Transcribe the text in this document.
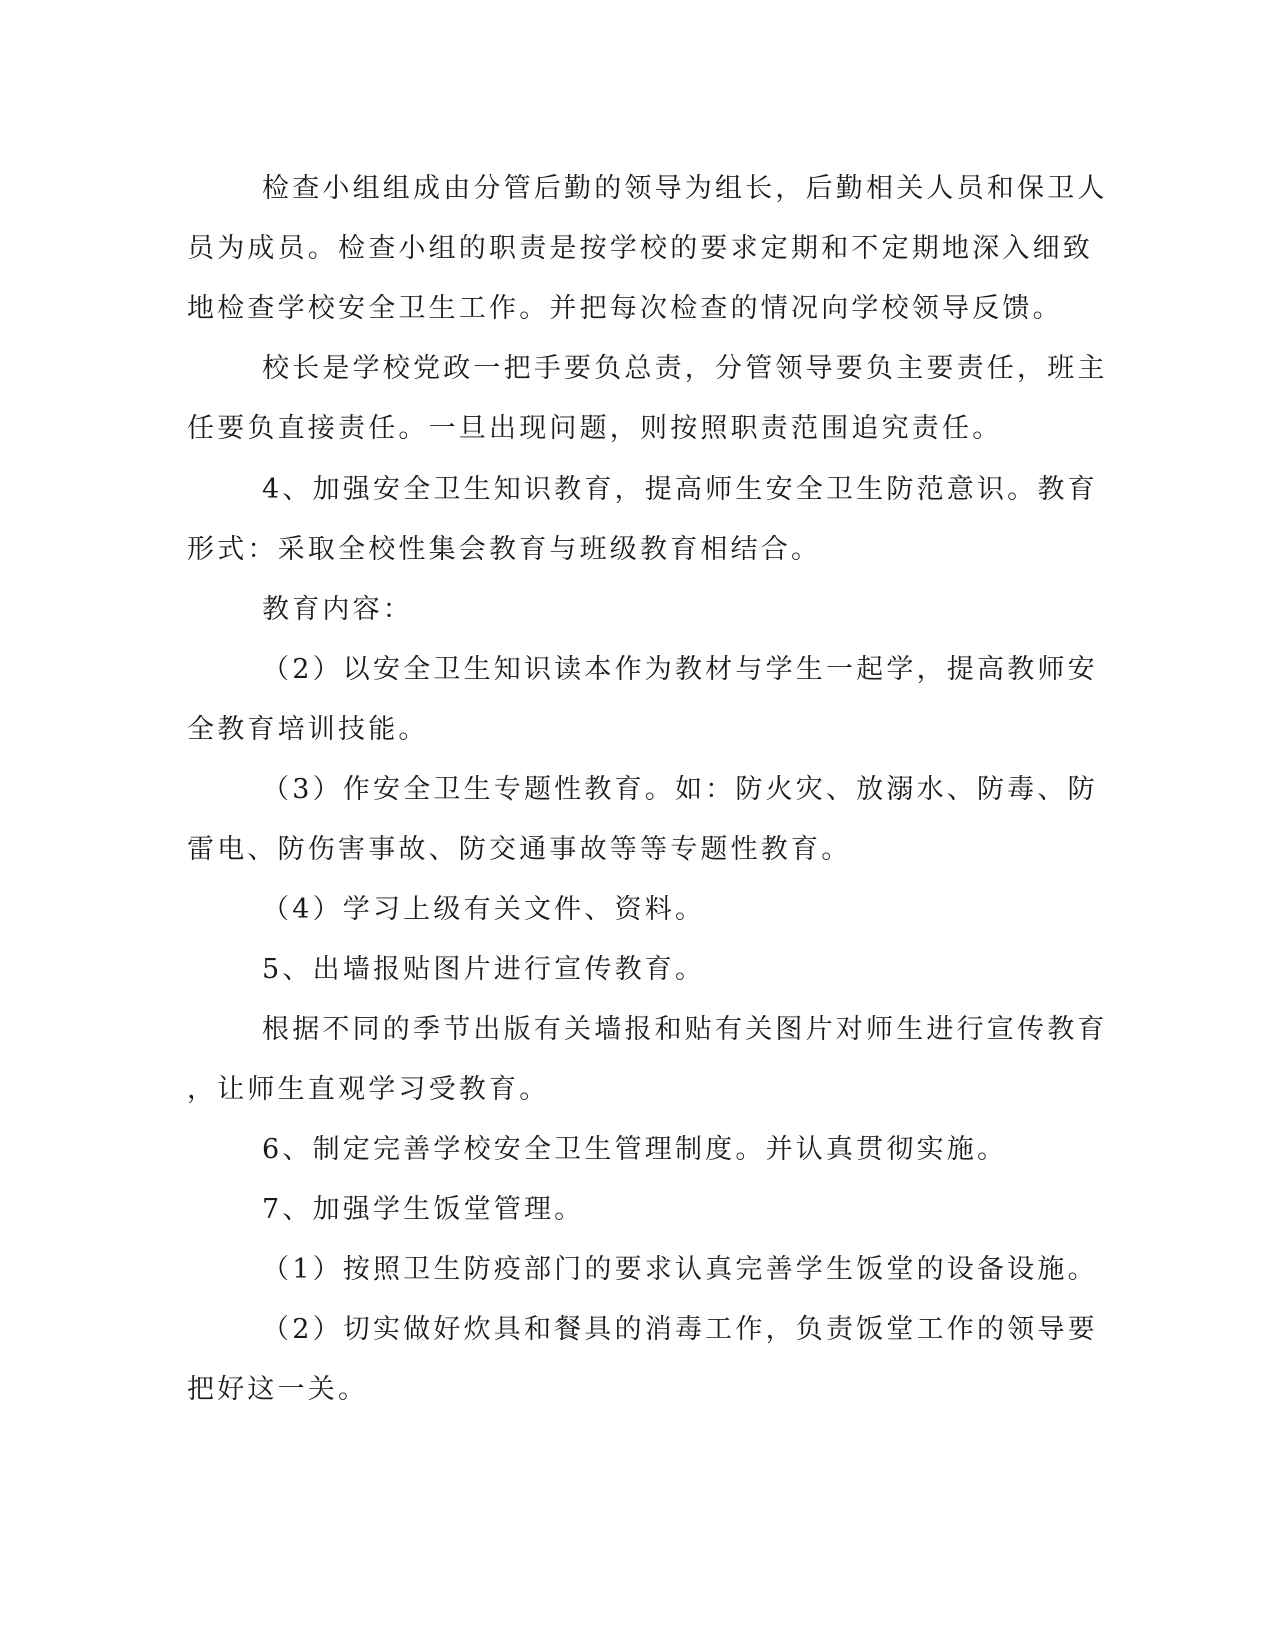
检查小组组成由分管后勤的领导为组长，后勤相关人员和保卫人
员为成员。检查小组的职责是按学校的要求定期和不定期地深入细致
地检查学校安全卫生工作。并把每次检查的情况向学校领导反馈。
校长是学校党政一把手要负总责，分管领导要负主要责任，班主
任要负直接责任。一旦出现问题，则按照职责范围追究责任。
4、加强安全卫生知识教育，提高师生安全卫生防范意识。教育
形式：采取全校性集会教育与班级教育相结合。
教育内容：
（2）以安全卫生知识读本作为教材与学生一起学，提高教师安
全教育培训技能。
（3）作安全卫生专题性教育。如：防火灾、放溺水、防毒、防
雷电、防伤害事故、防交通事故等等专题性教育。
（4）学习上级有关文件、资料。
5、出墙报贴图片进行宣传教育。
根据不同的季节出版有关墙报和贴有关图片对师生进行宣传教育
，让师生直观学习受教育。
6、制定完善学校安全卫生管理制度。并认真贯彻实施。
7、加强学生饭堂管理。
（1）按照卫生防疫部门的要求认真完善学生饭堂的设备设施。
（2）切实做好炊具和餐具的消毒工作，负责饭堂工作的领导要
把好这一关。
